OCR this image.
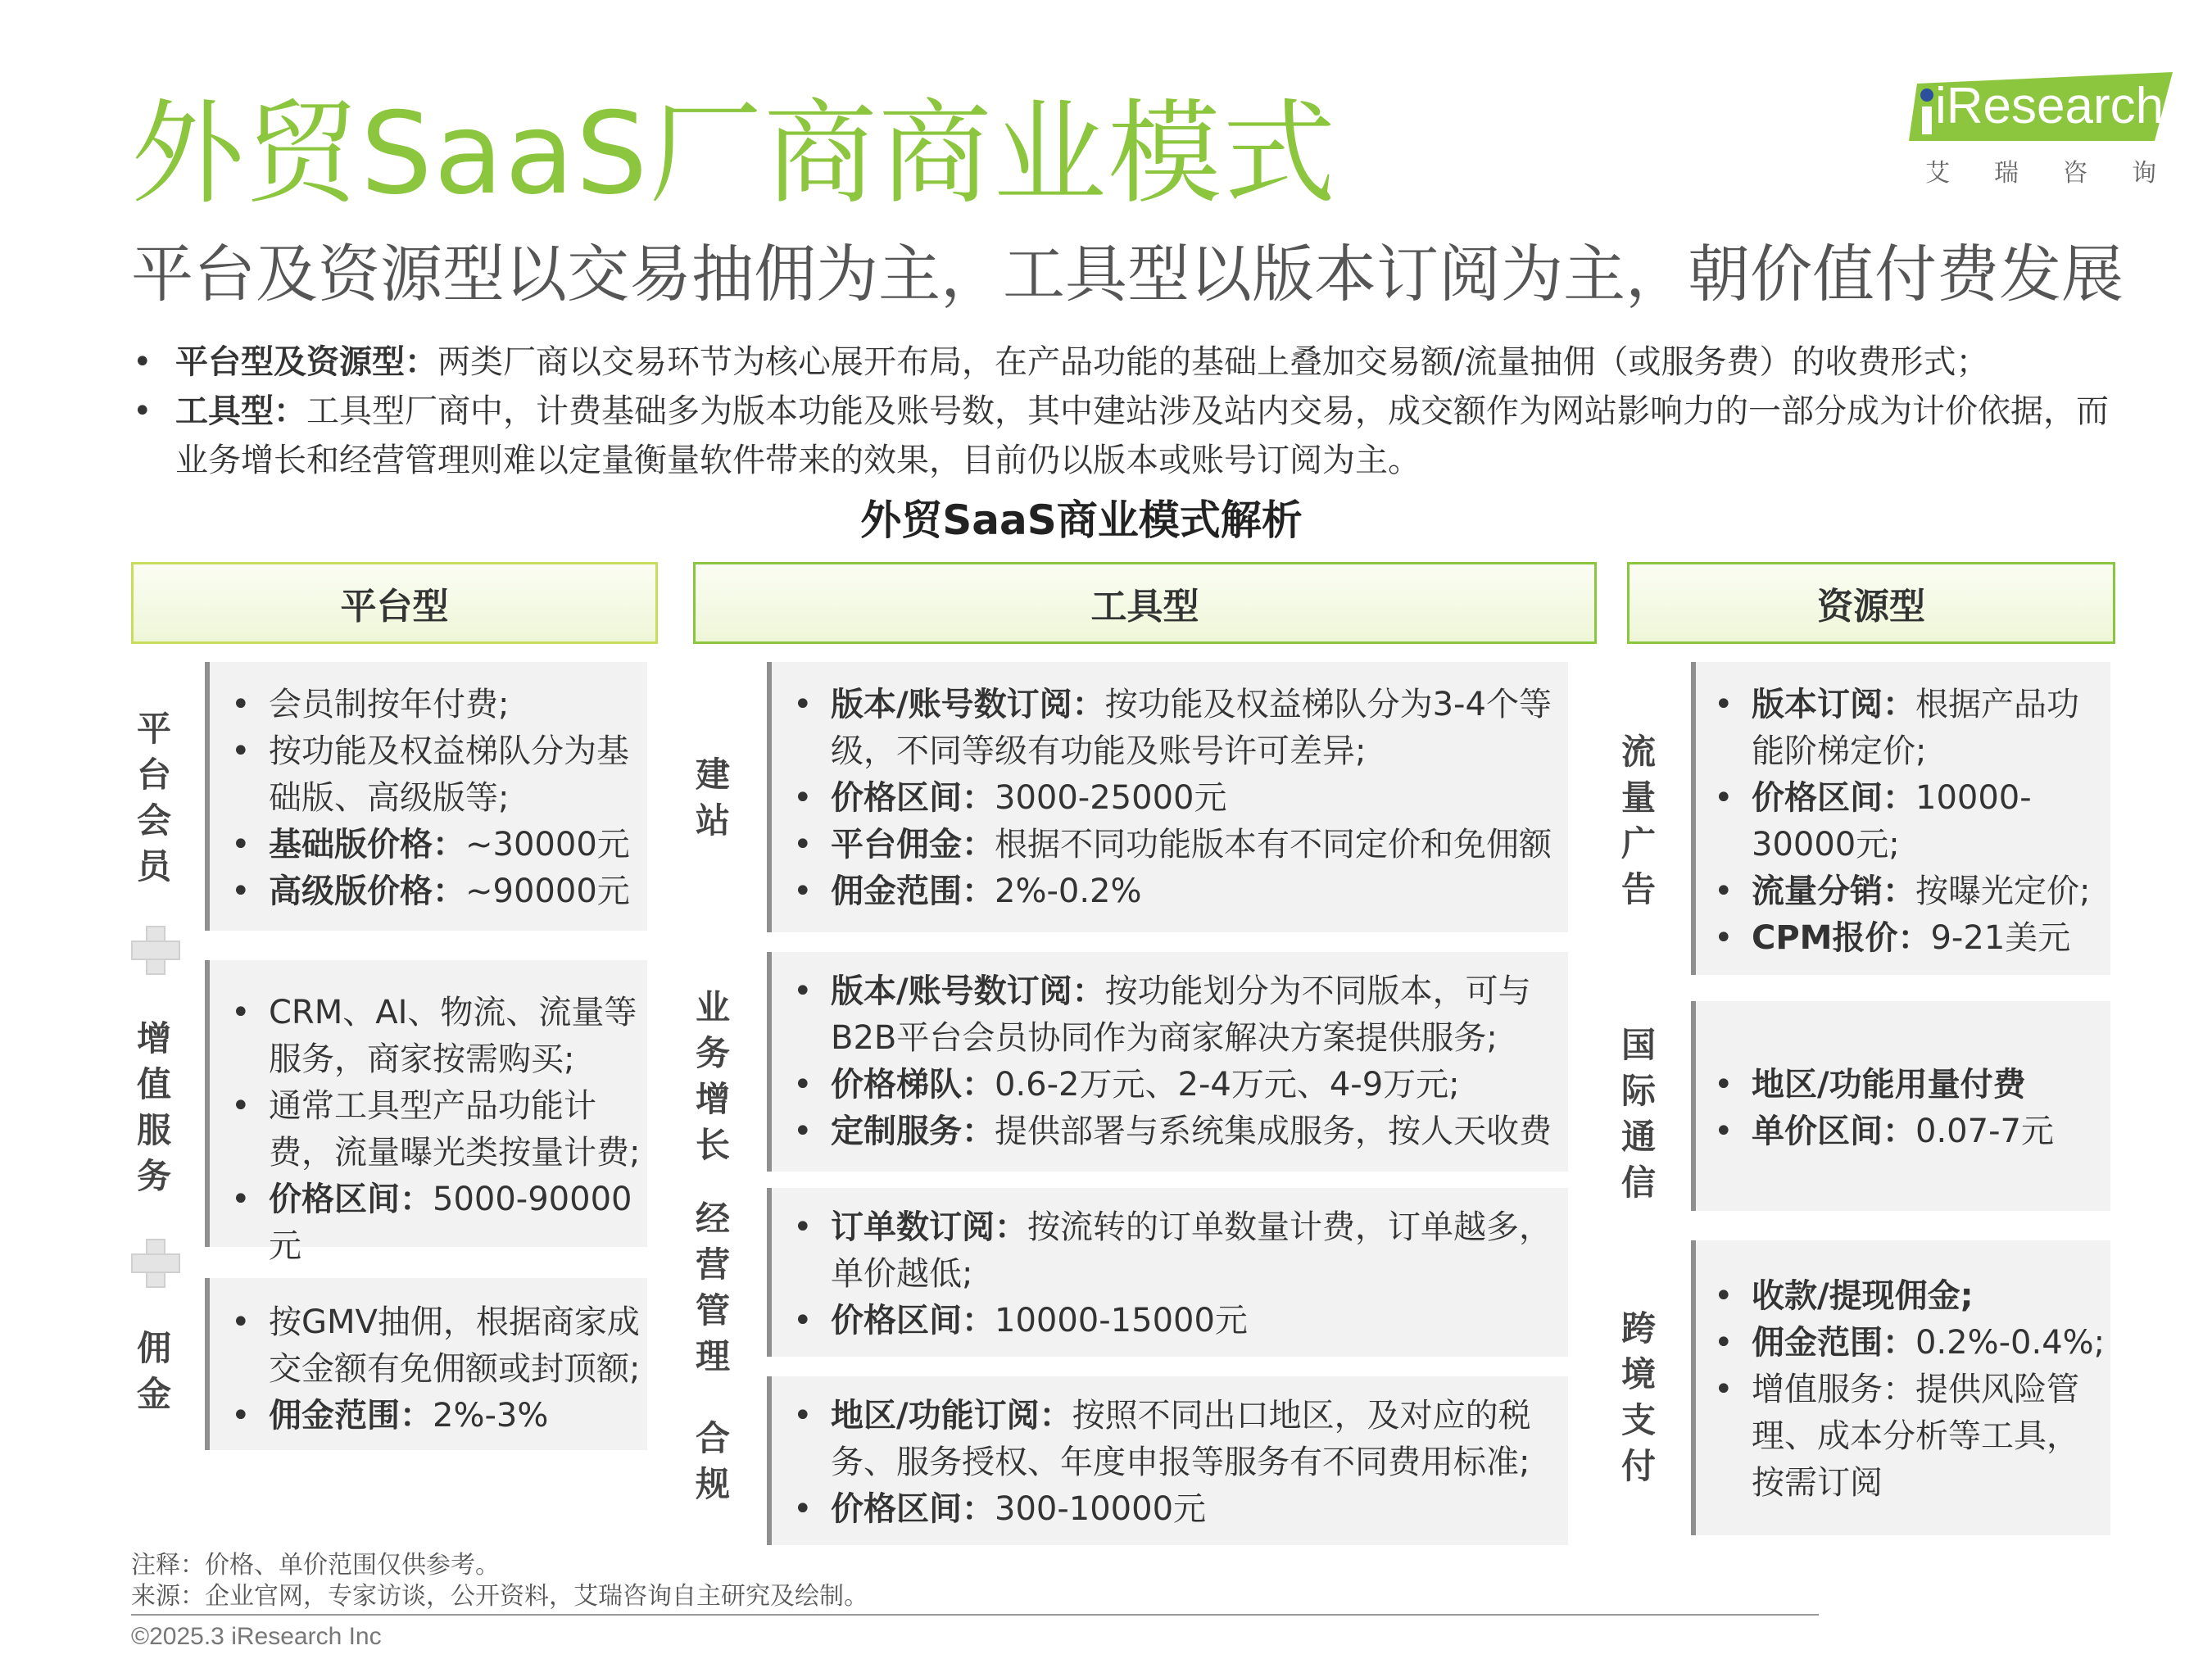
外贸SaaS厂商商业模式	iResearch
艾瑞咨询
平台及资源型以交易抽佣为主，工具型以版本订阅为主，朝价值付费发展
• 平台型及资源型：两类厂商以交易环节为核心展开布局，在产品功能的基础上叠加交易额/流量抽佣（或服务费）的收费形式；
• 工具型：工具型厂商中，计费基础多为版本功能及账号数，其中建站涉及站内交易，成交额作为网站影响力的一部分成为计价依据，而业务增长和经营管理则难以定量衡量软件带来的效果，目前仍以版本或账号订阅为主。
外贸SaaS商业模式解析
平台型	工具型	资源型
平台会员
• 会员制按年付费;
• 按功能及权益梯队分为基础版、高级版等;
• 基础版价格：~30000元
• 高级版价格：~90000元
增值服务
• CRM、AI、物流、流量等服务，商家按需购买;
• 通常工具型产品功能计费，流量曝光类按量计费;
• 价格区间：5000-90000元
佣金
• 按GMV抽佣，根据商家成交金额有免佣额或封顶额;
• 佣金范围：2%-3%
建站
• 版本/账号数订阅：按功能及权益梯队分为3-4个等级，不同等级有功能及账号许可差异;
• 价格区间：3000-25000元
• 平台佣金：根据不同功能版本有不同定价和免佣额
• 佣金范围：2%-0.2%
业务增长
• 版本/账号数订阅：按功能划分为不同版本，可与B2B平台会员协同作为商家解决方案提供服务;
• 价格梯队：0.6-2万元、2-4万元、4-9万元;
• 定制服务：提供部署与系统集成服务，按人天收费
经营管理
• 订单数订阅：按流转的订单数量计费，订单越多，单价越低;
• 价格区间：10000-15000元
合规
• 地区/功能订阅：按照不同出口地区，及对应的税务、服务授权、年度申报等服务有不同费用标准;
• 价格区间：300-10000元
流量广告
• 版本订阅：根据产品功能阶梯定价;
• 价格区间：10000-30000元;
• 流量分销：按曝光定价;
• CPM报价：9-21美元
国际通信
• 地区/功能用量付费
• 单价区间：0.07-7元
跨境支付
• 收款/提现佣金;
• 佣金范围：0.2%-0.4%;
• 增值服务：提供风险管理、成本分析等工具，按需订阅
注释：价格、单价范围仅供参考。
来源：企业官网，专家访谈，公开资料，艾瑞咨询自主研究及绘制。
©2025.3 iResearch Inc
